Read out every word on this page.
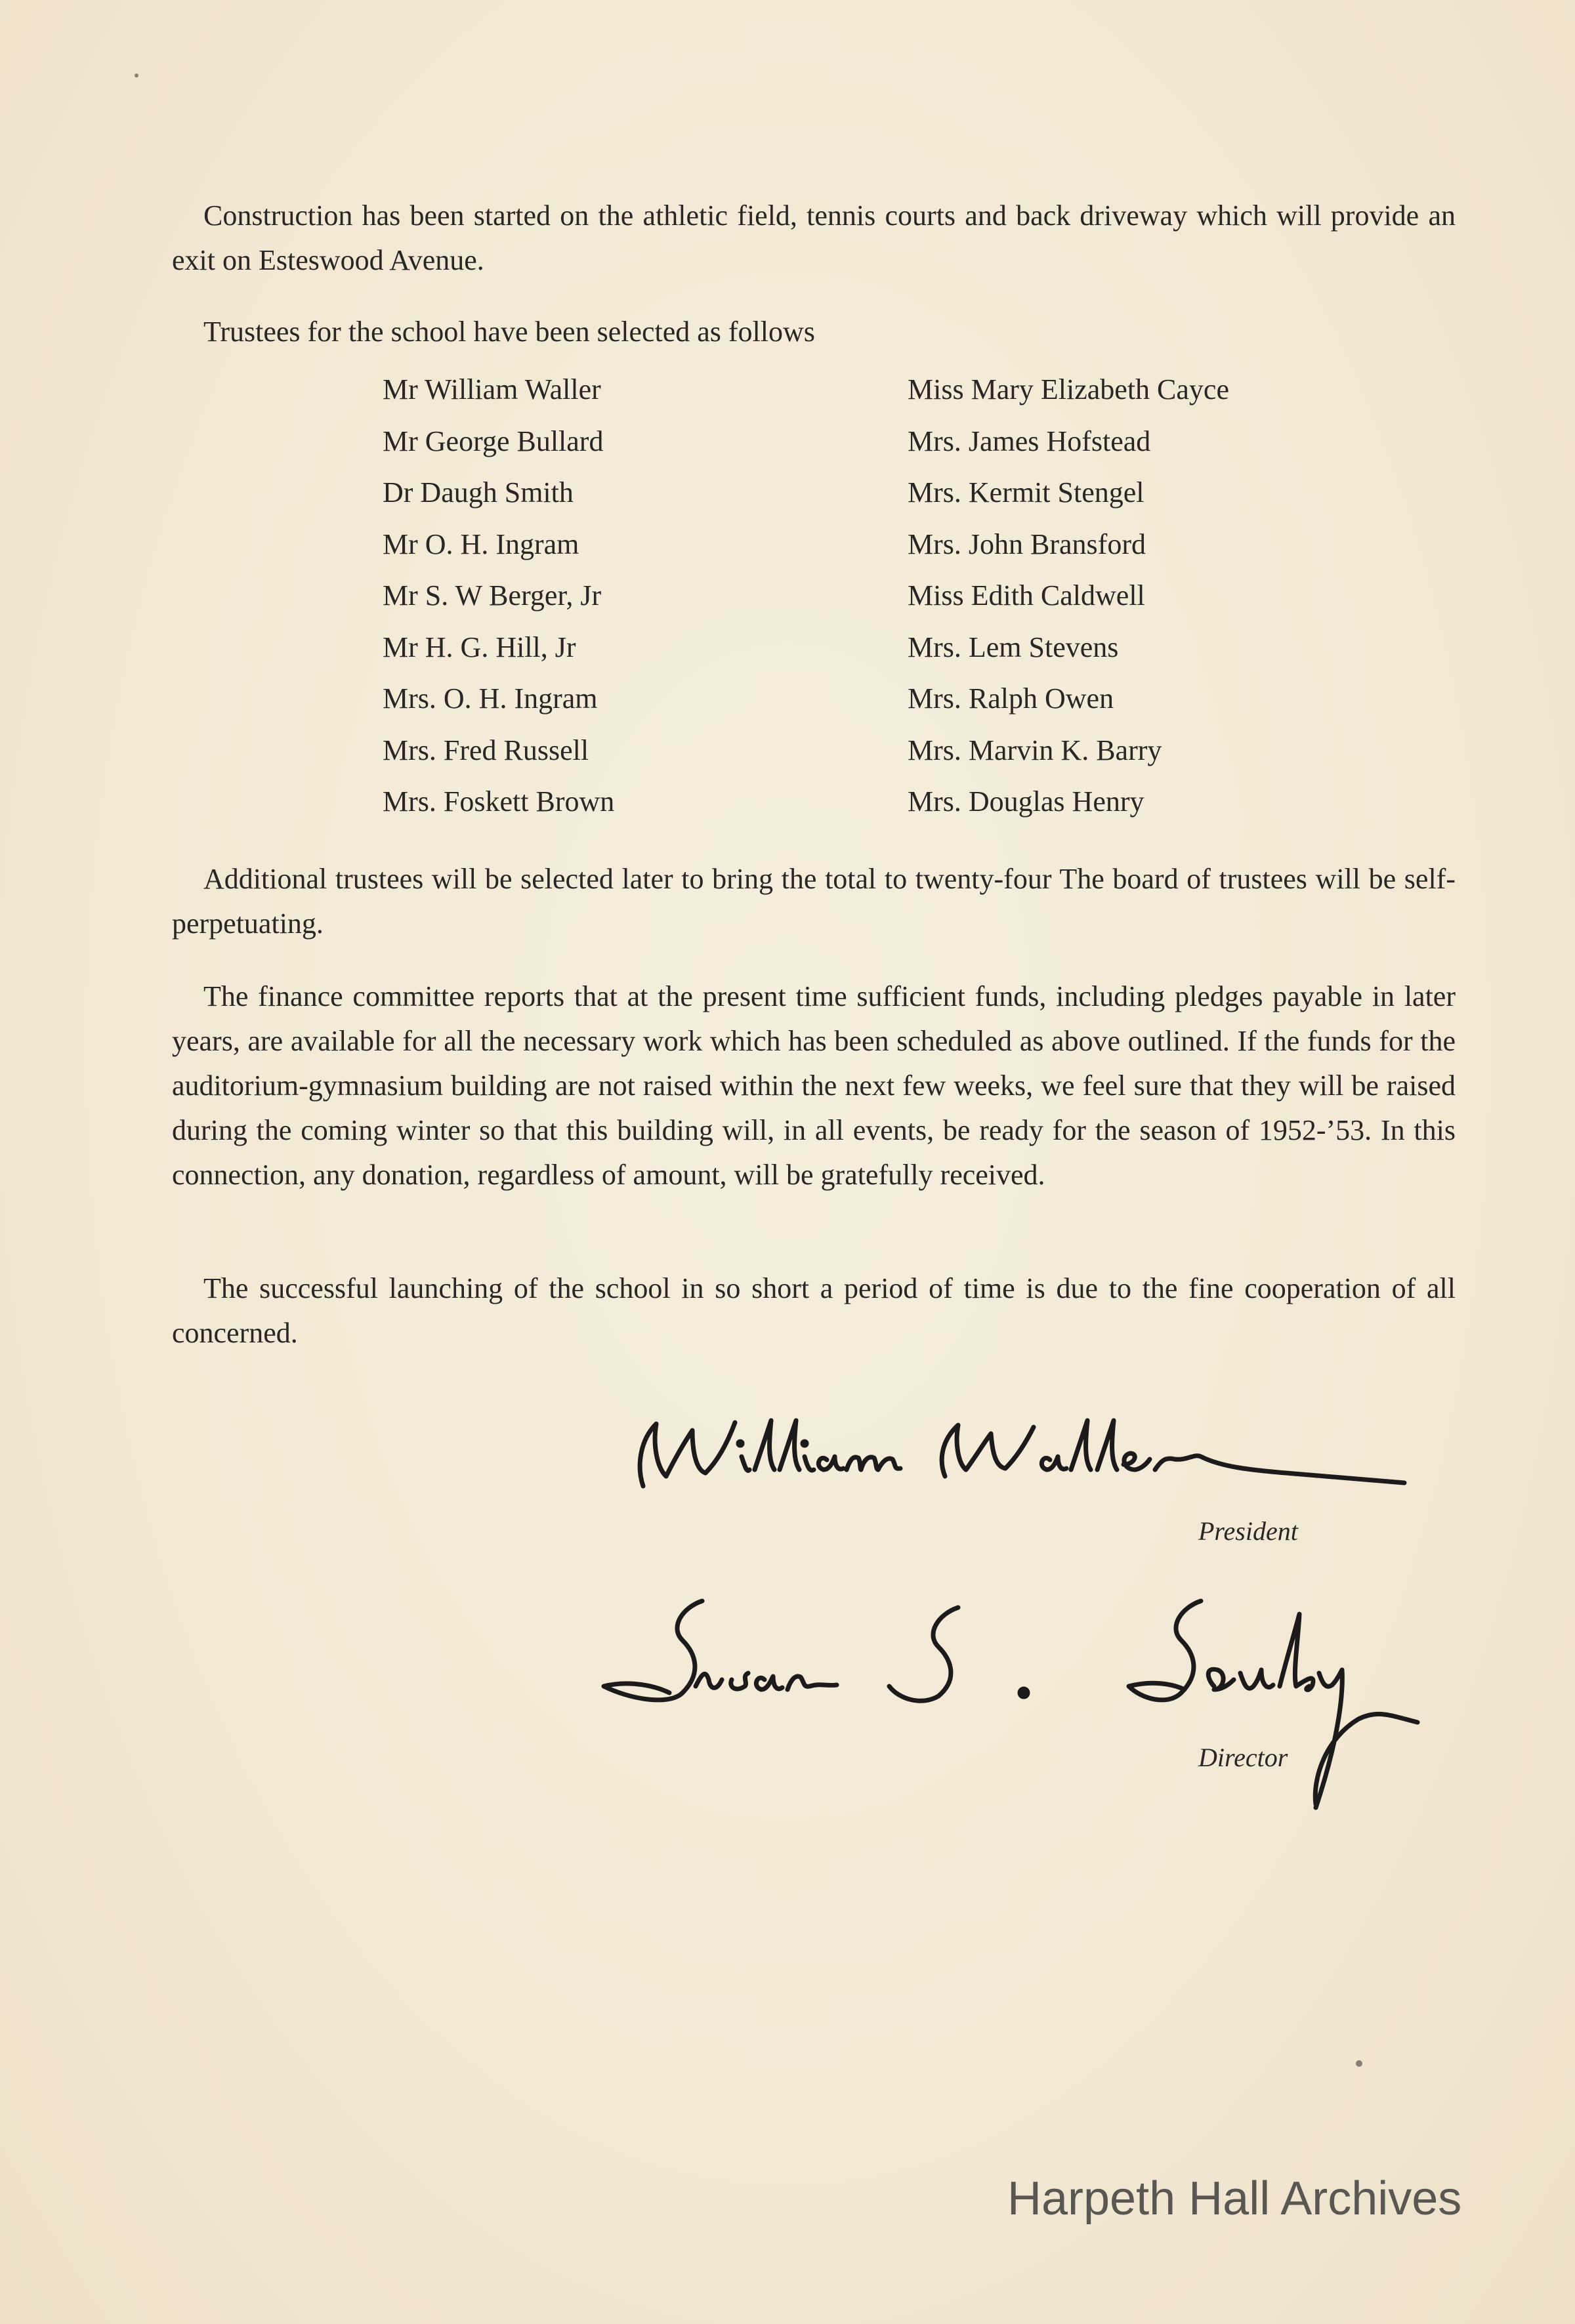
Construction has been started on the athletic field, tennis courts and back driveway which will provide an exit on Esteswood Avenue.

Trustees for the school have been selected as follows

Mr William Waller
Mr George Bullard
Dr Daugh Smith
Mr O. H. Ingram
Mr S. W Berger, Jr
Mr H. G. Hill, Jr
Mrs. O. H. Ingram
Mrs. Fred Russell
Mrs. Foskett Brown
Miss Mary Elizabeth Cayce
Mrs. James Hofstead
Mrs. Kermit Stengel
Mrs. John Bransford
Miss Edith Caldwell
Mrs. Lem Stevens
Mrs. Ralph Owen
Mrs. Marvin K. Barry
Mrs. Douglas Henry

Additional trustees will be selected later to bring the total to twenty-four The board of trustees will be self-perpetuating.

The finance committee reports that at the present time sufficient funds, including pledges payable in later years, are available for all the necessary work which has been scheduled as above outlined. If the funds for the auditorium-gymnasium building are not raised within the next few weeks, we feel sure that they will be raised during the coming winter so that this building will, in all events, be ready for the season of 1952-’53. In this connection, any donation, regardless of amount, will be gratefully received.

The successful launching of the school in so short a period of time is due to the fine cooperation of all concerned.

President
Director
Harpeth Hall Archives
